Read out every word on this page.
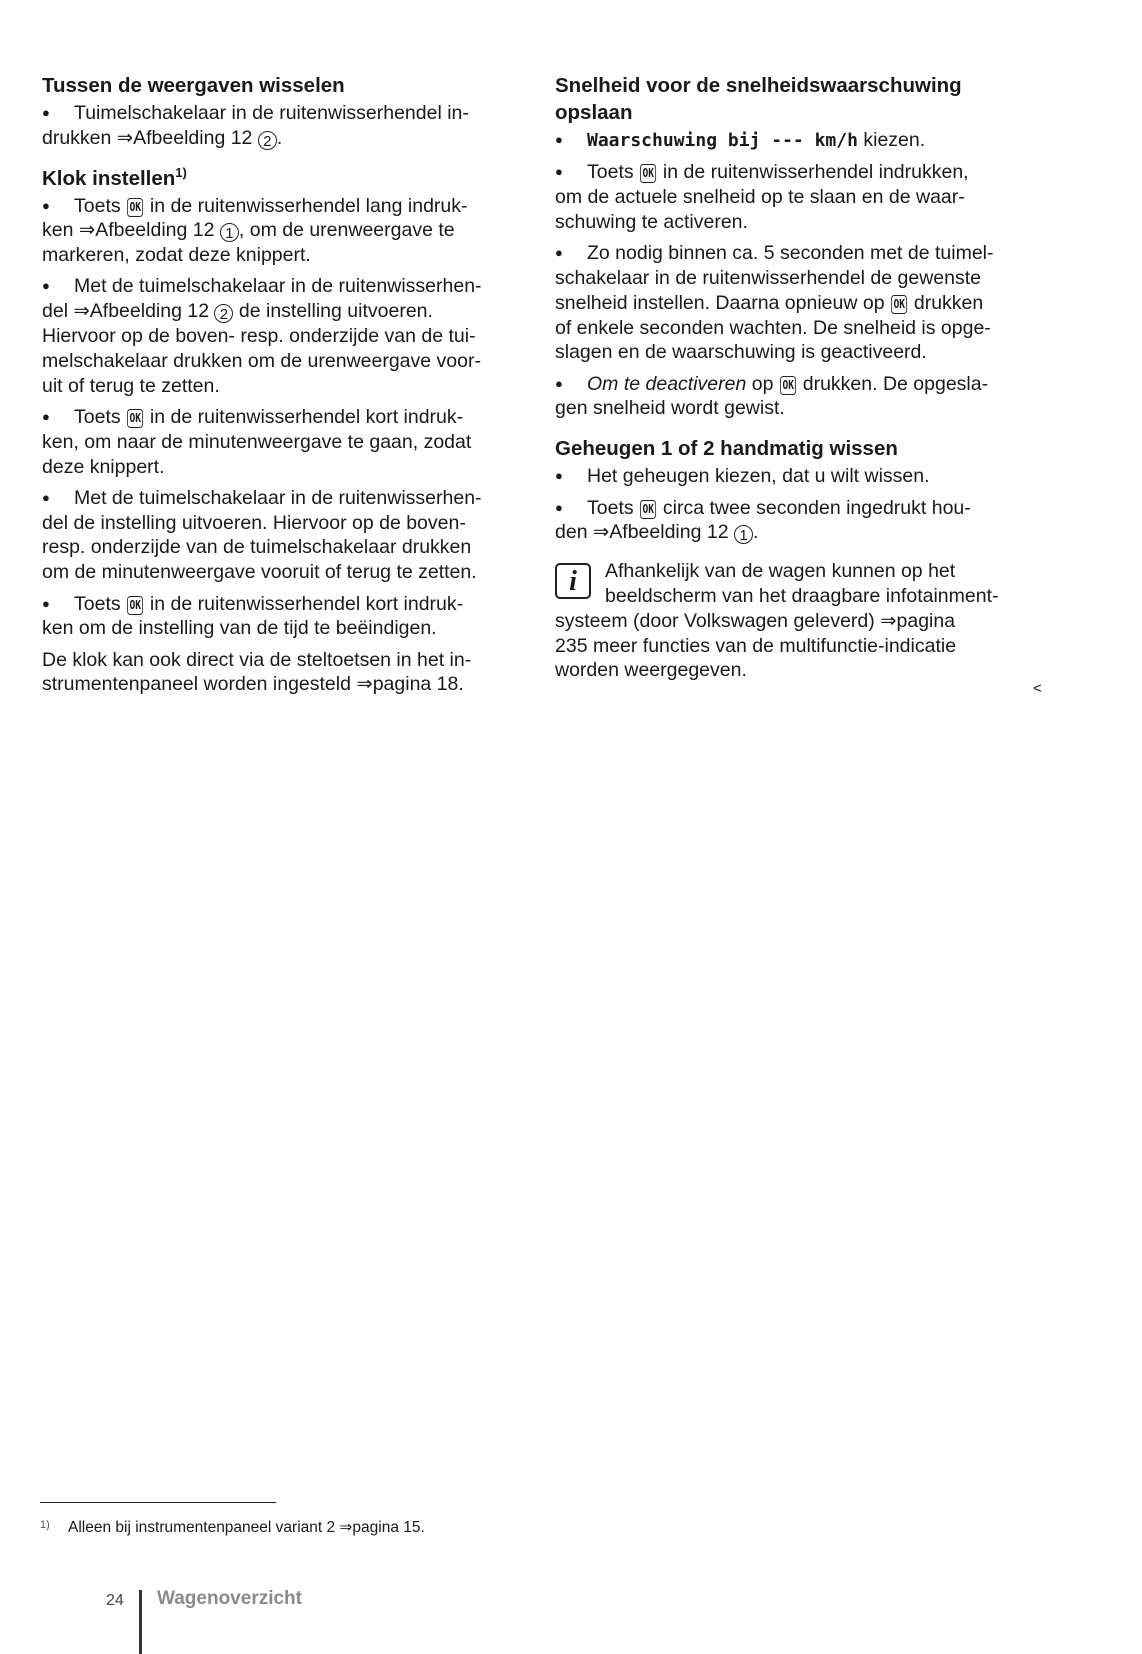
Tussen de weergaven wisselen
● Tuimelschakelaar in de ruitenwisserhendel in-
drukken ⇒Afbeelding 12 2 .
Klok instellen$^{1)}$
● Toets OK in de ruitenwisserhendel lang indruk-
ken ⇒Afbeelding 12 1 , om de urenweergave te
markeren, zodat deze knippert.
● Met de tuimelschakelaar in de ruitenwisserhen-
del ⇒Afbeelding 12 2 de instelling uitvoeren.
Hiervoor op de boven- resp. onderzijde van de tui-
melschakelaar drukken om de urenweergave voor-
uit of terug te zetten.
● Toets OK in de ruitenwisserhendel kort indruk-
ken, om naar de minutenweergave te gaan, zodat
deze knippert.
● Met de tuimelschakelaar in de ruitenwisserhen-
del de instelling uitvoeren. Hiervoor op de boven-
resp. onderzijde van de tuimelschakelaar drukken
om de minutenweergave vooruit of terug te zetten.
● Toets OK in de ruitenwisserhendel kort indruk-
ken om de instelling van de tijd te beëindigen.
De klok kan ook direct via de steltoetsen in het in-
strumentenpaneel worden ingesteld ⇒pagina 18.
Snelheid voor de snelheidswaarschuwing
opslaan
● Waarschuwing bij --- km/h kiezen.
● Toets OK in de ruitenwisserhendel indrukken,
om de actuele snelheid op te slaan en de waar-
schuwing te activeren.
● Zo nodig binnen ca. 5 seconden met de tuimel-
schakelaar in de ruitenwisserhendel de gewenste
snelheid instellen. Daarna opnieuw op OK drukken
of enkele seconden wachten. De snelheid is opge-
slagen en de waarschuwing is geactiveerd.
● Om te deactiveren op OK drukken. De opgesla-
gen snelheid wordt gewist.
Geheugen 1 of 2 handmatig wissen
● Het geheugen kiezen, dat u wilt wissen.
● Toets OK circa twee seconden ingedrukt hou-
den ⇒Afbeelding 12 1 .
i	Afhankelijk van de wagen kunnen op het
beeldscherm van het draagbare infotainment-
systeem (door Volkswagen geleverd) ⇒pagina
235 meer functies van de multifunctie-indicatie
worden weergegeven.
<
1) Alleen bij instrumentenpaneel variant 2 ⇒pagina 15.
24 Wagenoverzicht
